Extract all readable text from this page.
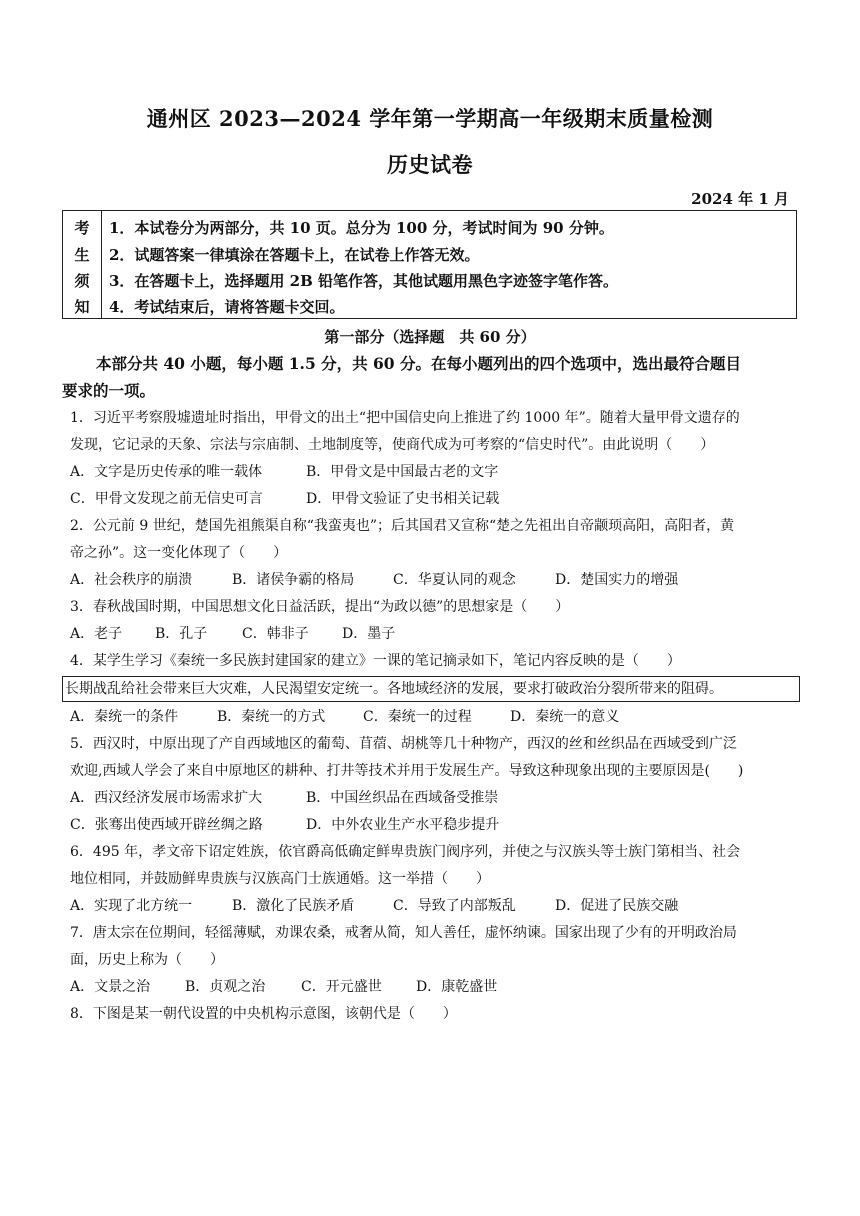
通州区 2023—2024 学年第一学期高一年级期末质量检测
历史试卷
2024 年 1 月
考
生
须
知
1．本试卷分为两部分，共 10 页。总分为 100 分，考试时间为 90 分钟。
2．试题答案一律填涂在答题卡上，在试卷上作答无效。
3．在答题卡上，选择题用 2B 铅笔作答，其他试题用黑色字迹签字笔作答。
4．考试结束后，请将答题卡交回。
第一部分（选择题　共 60 分）
本部分共 40 小题，每小题 1.5 分，共 60 分。在每小题列出的四个选项中，选出最符合题目
要求的一项。
1．习近平考察殷墟遗址时指出，甲骨文的出土“把中国信史向上推进了约 1000 年”。随着大量甲骨文遗存的
发现，它记录的天象、宗法与宗庙制、土地制度等，使商代成为可考察的“信史时代”。由此说明（　　）
A．文字是历史传承的唯一载体	B．甲骨文是中国最古老的文字
C．甲骨文发现之前无信史可言	D．甲骨文验证了史书相关记载
2．公元前 9 世纪，楚国先祖熊渠自称“我蛮夷也”；后其国君又宣称“楚之先祖出自帝颛顼高阳，高阳者，黄
帝之孙”。这一变化体现了（　　）
A．社会秩序的崩溃	B．诸侯争霸的格局	C．华夏认同的观念	D．楚国实力的增强
3．春秋战国时期，中国思想文化日益活跃，提出“为政以德”的思想家是（　　）
A．老子 B．孔子 C．韩非子 D．墨子
4．某学生学习《秦统一多民族封建国家的建立》一课的笔记摘录如下，笔记内容反映的是（　　）
长期战乱给社会带来巨大灾难，人民渴望安定统一。各地域经济的发展，要求打破政治分裂所带来的阻碍。
A．秦统一的条件	B．秦统一的方式	C．秦统一的过程	D．秦统一的意义
5．西汉时，中原出现了产自西域地区的葡萄、苜蓿、胡桃等几十种物产，西汉的丝和丝织品在西域受到广泛
欢迎,西域人学会了来自中原地区的耕种、打井等技术并用于发展生产。导致这种现象出现的主要原因是(　　)
A．西汉经济发展市场需求扩大	B．中国丝织品在西域备受推崇
C．张骞出使西域开辟丝绸之路	D．中外农业生产水平稳步提升
6．495 年，孝文帝下诏定姓族，依官爵高低确定鲜卑贵族门阀序列，并使之与汉族头等士族门第相当、社会
地位相同，并鼓励鲜卑贵族与汉族高门士族通婚。这一举措（　　）
A．实现了北方统一	B．激化了民族矛盾	C．导致了内部叛乱	D．促进了民族交融
7．唐太宗在位期间，轻徭薄赋，劝课农桑，戒奢从简，知人善任，虚怀纳谏。国家出现了少有的开明政治局
面，历史上称为（　　）
A．文景之治 B．贞观之治	C．开元盛世 D．康乾盛世
8．下图是某一朝代设置的中央机构示意图，该朝代是（　　）
